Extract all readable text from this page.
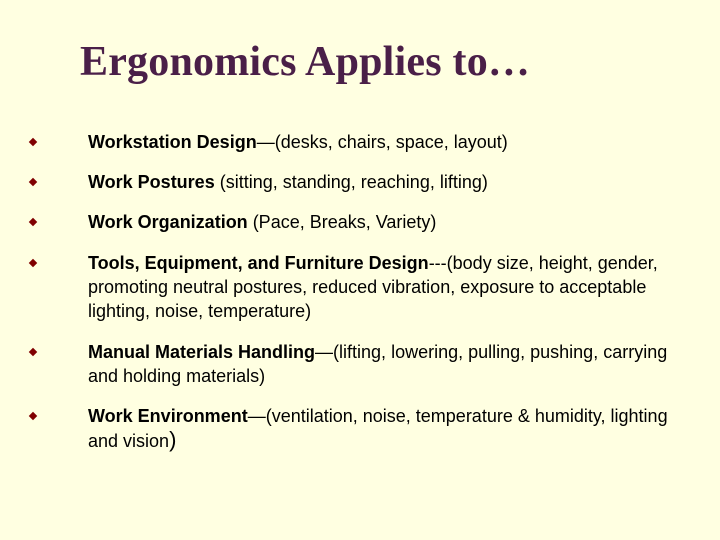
Ergonomics Applies to…
Workstation Design—(desks, chairs, space, layout)
Work Postures (sitting, standing, reaching, lifting)
Work Organization (Pace, Breaks, Variety)
Tools, Equipment, and Furniture Design---(body size, height, gender, promoting neutral postures, reduced vibration, exposure to acceptable lighting, noise, temperature)
Manual Materials Handling—(lifting, lowering, pulling, pushing, carrying and holding materials)
Work Environment—(ventilation, noise, temperature & humidity, lighting and vision)
